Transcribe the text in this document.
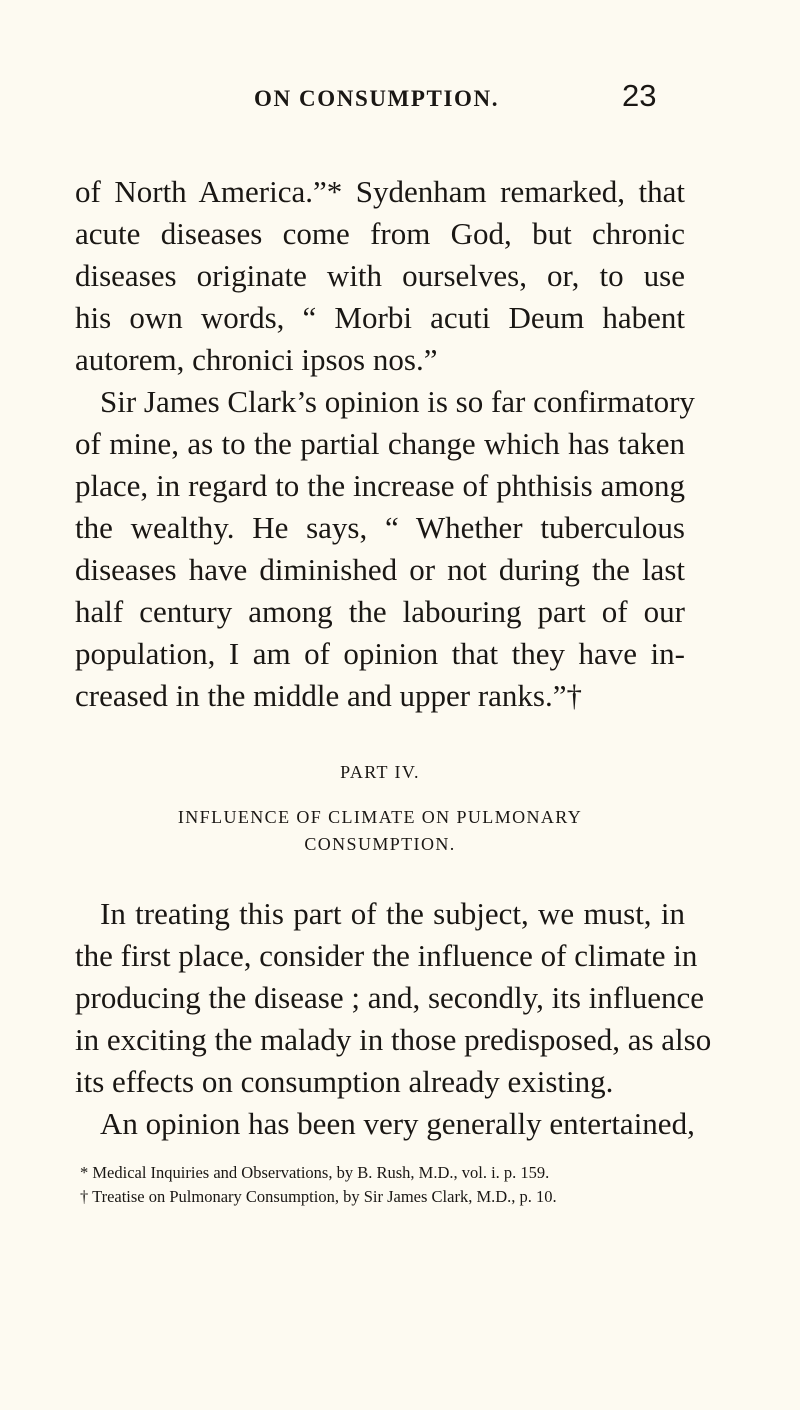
ON CONSUMPTION.	23
of North America.”* Sydenham remarked, that
acute diseases come from God, but chronic
diseases originate with ourselves, or, to use
his own words, “ Morbi acuti Deum habent
autorem, chronici ipsos nos.”
Sir James Clark’s opinion is so far confirmatory
of mine, as to the partial change which has taken
place, in regard to the increase of phthisis among
the wealthy. He says, “ Whether tuberculous
diseases have diminished or not during the last
half century among the labouring part of our
population, I am of opinion that they have in-
creased in the middle and upper ranks.”†
PART IV.
INFLUENCE OF CLIMATE ON PULMONARY
CONSUMPTION.
In treating this part of the subject, we must, in
the first place, consider the influence of climate in
producing the disease ; and, secondly, its influence
in exciting the malady in those predisposed, as also
its effects on consumption already existing.
An opinion has been very generally entertained,
* Medical Inquiries and Observations, by B. Rush, M.D., vol. i. p. 159.
† Treatise on Pulmonary Consumption, by Sir James Clark, M.D., p. 10.
